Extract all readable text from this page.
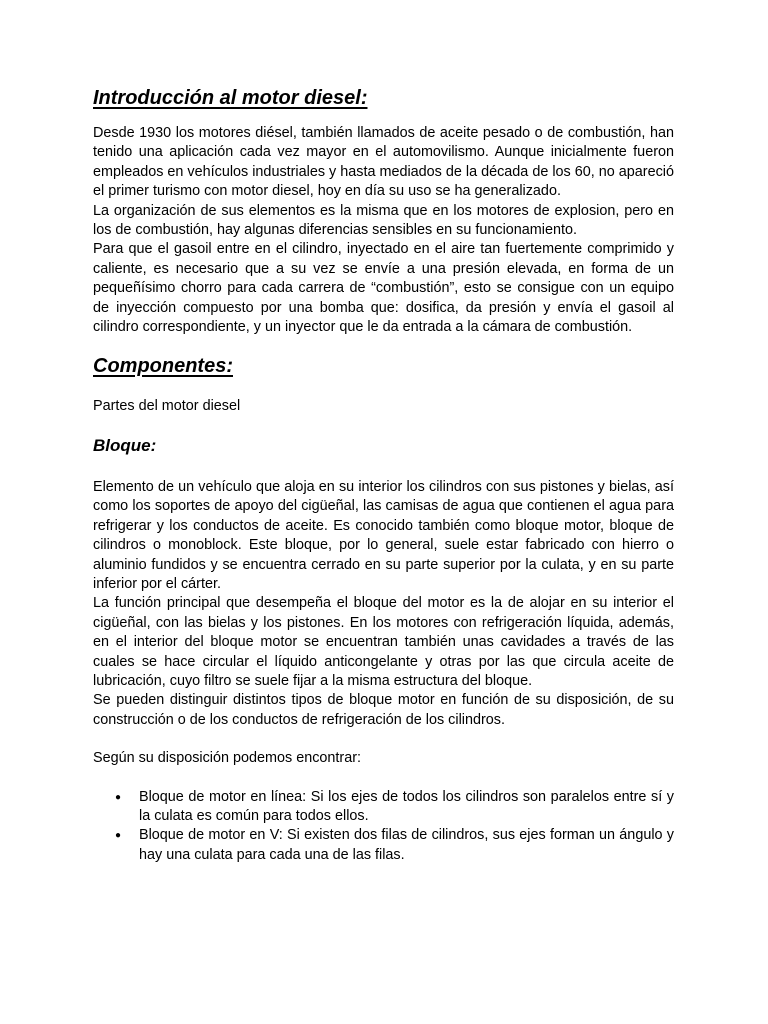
Introducción al motor diesel:

Desde 1930 los motores diésel, también llamados de aceite pesado o de combustión, han tenido una aplicación cada vez mayor en el automovilismo. Aunque inicialmente fueron empleados en vehículos industriales y hasta mediados de la década de los 60, no apareció el primer turismo con motor diesel, hoy en día su uso se ha generalizado.

La organización de sus elementos es la misma que en los motores de explosion, pero en los de combustión, hay algunas diferencias sensibles en su funcionamiento.

Para que el gasoil entre en el cilindro, inyectado en el aire tan fuertemente comprimido y caliente, es necesario que a su vez se envíe a una presión elevada, en forma de un pequeñísimo chorro para cada carrera de “combustión”, esto se consigue con un equipo de inyección compuesto por una bomba que: dosifica, da presión y envía el gasoil al cilindro correspondiente, y un inyector que le da entrada a la cámara de combustión.

Componentes:

Partes del motor diesel

Bloque:

Elemento de un vehículo que aloja en su interior los cilindros con sus pistones y bielas, así como los soportes de apoyo del cigüeñal, las camisas de agua que contienen el agua para refrigerar y los conductos de aceite. Es conocido también como bloque motor, bloque de cilindros o monoblock. Este bloque, por lo general, suele estar fabricado con hierro o aluminio fundidos y se encuentra cerrado en su parte superior por la culata, y en su parte inferior por el cárter.

La función principal que desempeña el bloque del motor es la de alojar en su interior el cigüeñal, con las bielas y los pistones. En los motores con refrigeración líquida, además, en el interior del bloque motor se encuentran también unas cavidades a través de las cuales se hace circular el líquido anticongelante y otras por las que circula aceite de lubricación, cuyo filtro se suele fijar a la misma estructura del bloque.

Se pueden distinguir distintos tipos de bloque motor en función de su disposición, de su construcción o de los conductos de refrigeración de los cilindros.

Según su disposición podemos encontrar:

● Bloque de motor en línea: Si los ejes de todos los cilindros son paralelos entre sí y la culata es común para todos ellos.
● Bloque de motor en V: Si existen dos filas de cilindros, sus ejes forman un ángulo y hay una culata para cada una de las filas.
